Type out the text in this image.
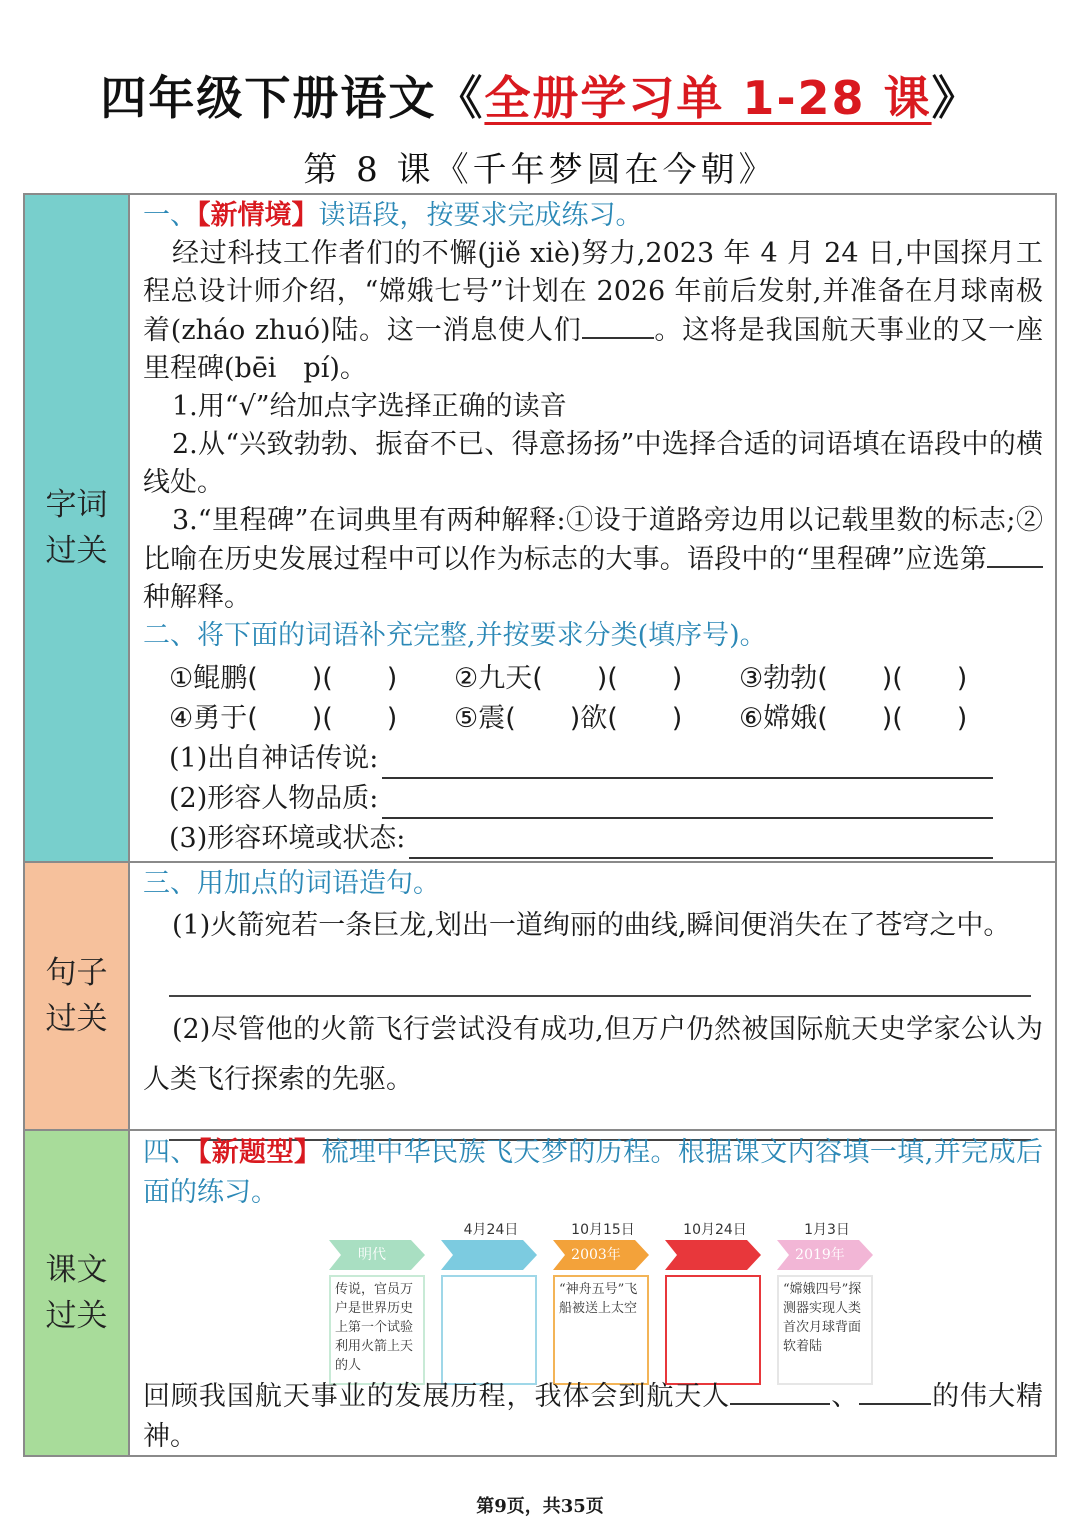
四年级下册语文《全册学习单 1-28 课》
第 8 课《千年梦圆在今朝》
字词
过关

一、【新情境】读语段，按要求完成练习。

经过科技工作者们的不懈(jiě xiè)努力,2023 年 4 月 24 日,中国探月工程总设计师介绍，“嫦娥七号”计划在 2026 年前后发射,并准备在月球南极着(zháo zhuó)陆。这一消息使人们	。这将是我国航天事业的又一座里程碑(bēi　pí)。

1.用“√”给加点字选择正确的读音

2.从“兴致勃勃、振奋不已、得意扬扬”中选择合适的词语填在语段中的横线处。

3.“里程碑”在词典里有两种解释:①设于道路旁边用以记载里数的标志;②比喻在历史发展过程中可以作为标志的大事。语段中的“里程碑”应选第种解释。

二、将下面的词语补充完整,并按要求分类(填序号)。

①鲲鹏(　　)(　　)	②九天(　　)(　　)	③勃勃(　　)(　　)
④勇于(　　)(　　)	⑤震(　　)欲(　　)	⑥嫦娥(　　)(　　)
(1)出自神话传说:
(2)形容人物品质:
(3)形容环境或状态:
句子
过关

三、用加点的词语造句。

(1)火箭宛若一条巨龙,划出一道绚丽的曲线,瞬间便消失在了苍穹之中。

(2)尽管他的火箭飞行尝试没有成功,但万户仍然被国际航天史学家公认为人类飞行探索的先驱。

课文
过关

四、【新题型】梳理中华民族飞天梦的历程。根据课文内容填一填,并完成后面的练习。

4月24日	10月15日	10月24日	1月3日
明代	2003年	2019年
传说，官员万户是世界历史上第一个试验利用火箭上天的人
“神舟五号”飞船被送上太空
“嫦娥四号”探测器实现人类首次月球背面软着陆

回顾我国航天事业的发展历程，我体会到航天人	、	的伟大精神。

第9页，共35页
